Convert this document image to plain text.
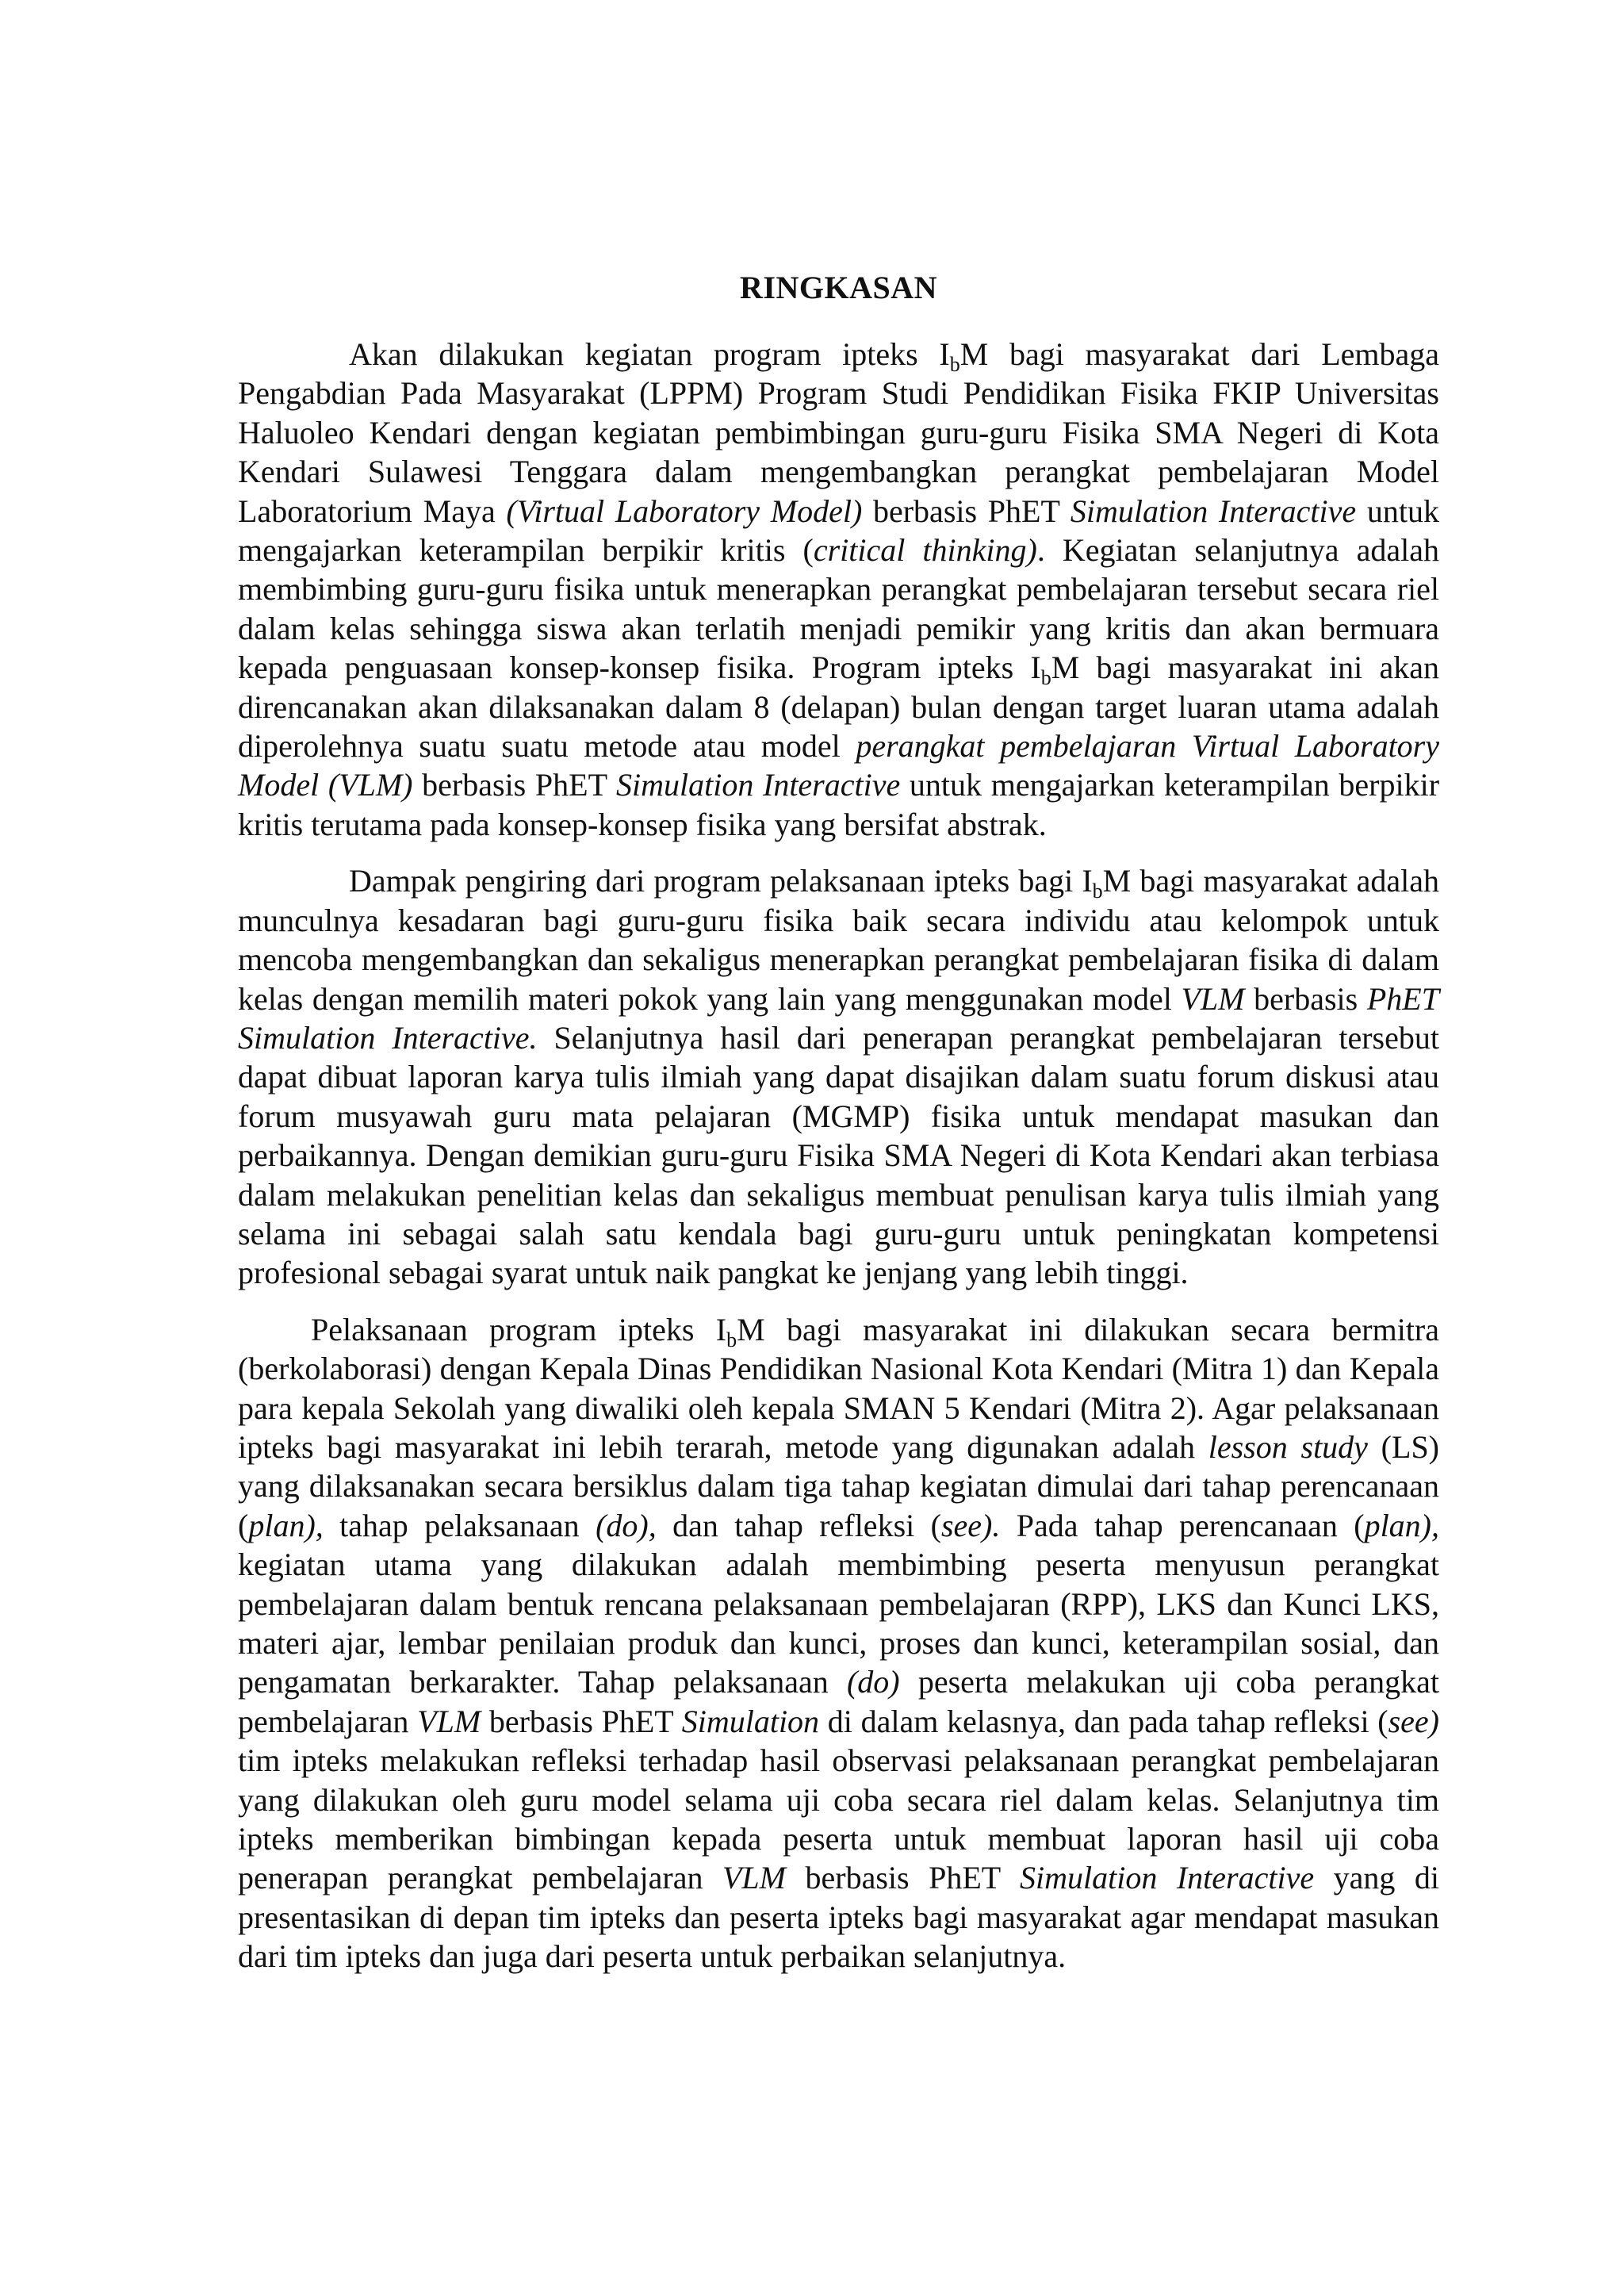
RINGKASAN

Akan dilakukan kegiatan program ipteks $I_bM$ bagi masyarakat dari Lembaga Pengabdian Pada Masyarakat (LPPM) Program Studi Pendidikan Fisika FKIP Universitas Haluoleo Kendari dengan kegiatan pembimbingan guru-guru Fisika SMA Negeri di Kota Kendari Sulawesi Tenggara dalam mengembangkan perangkat pembelajaran Model Laboratorium Maya (Virtual Laboratory Model) berbasis PhET Simulation Interactive untuk mengajarkan keterampilan berpikir kritis (critical thinking). Kegiatan selanjutnya adalah membimbing guru-guru fisika untuk menerapkan perangkat pembelajaran tersebut secara riel dalam kelas sehingga siswa akan terlatih menjadi pemikir yang kritis dan akan bermuara kepada penguasaan konsep-konsep fisika. Program ipteks $I_bM$ bagi masyarakat ini akan direncanakan akan dilaksanakan dalam 8 (delapan) bulan dengan target luaran utama adalah diperolehnya suatu suatu metode atau model perangkat pembelajaran Virtual Laboratory Model (VLM) berbasis PhET Simulation Interactive untuk mengajarkan keterampilan berpikir kritis terutama pada konsep-konsep fisika yang bersifat abstrak.

Dampak pengiring dari program pelaksanaan ipteks bagi $I_bM$ bagi masyarakat adalah munculnya kesadaran bagi guru-guru fisika baik secara individu atau kelompok untuk mencoba mengembangkan dan sekaligus menerapkan perangkat pembelajaran fisika di dalam kelas dengan memilih materi pokok yang lain yang menggunakan model VLM berbasis PhET Simulation Interactive. Selanjutnya hasil dari penerapan perangkat pembelajaran tersebut dapat dibuat laporan karya tulis ilmiah yang dapat disajikan dalam suatu forum diskusi atau forum musyawah guru mata pelajaran (MGMP) fisika untuk mendapat masukan dan perbaikannya. Dengan demikian guru-guru Fisika SMA Negeri di Kota Kendari akan terbiasa dalam melakukan penelitian kelas dan sekaligus membuat penulisan karya tulis ilmiah yang selama ini sebagai salah satu kendala bagi guru-guru untuk peningkatan kompetensi profesional sebagai syarat untuk naik pangkat ke jenjang yang lebih tinggi.

Pelaksanaan program ipteks $I_bM$ bagi masyarakat ini dilakukan secara bermitra (berkolaborasi) dengan Kepala Dinas Pendidikan Nasional Kota Kendari (Mitra 1) dan Kepala para kepala Sekolah yang diwaliki oleh kepala SMAN 5 Kendari (Mitra 2). Agar pelaksanaan ipteks bagi masyarakat ini lebih terarah, metode yang digunakan adalah lesson study (LS) yang dilaksanakan secara bersiklus dalam tiga tahap kegiatan dimulai dari tahap perencanaan (plan), tahap pelaksanaan (do), dan tahap refleksi (see). Pada tahap perencanaan (plan), kegiatan utama yang dilakukan adalah membimbing peserta menyusun perangkat pembelajaran dalam bentuk rencana pelaksanaan pembelajaran (RPP), LKS dan Kunci LKS, materi ajar, lembar penilaian produk dan kunci, proses dan kunci, keterampilan sosial, dan pengamatan berkarakter. Tahap pelaksanaan (do) peserta melakukan uji coba perangkat pembelajaran VLM berbasis PhET Simulation di dalam kelasnya, dan pada tahap refleksi (see) tim ipteks melakukan refleksi terhadap hasil observasi pelaksanaan perangkat pembelajaran yang dilakukan oleh guru model selama uji coba secara riel dalam kelas. Selanjutnya tim ipteks memberikan bimbingan kepada peserta untuk membuat laporan hasil uji coba penerapan perangkat pembelajaran VLM berbasis PhET Simulation Interactive yang di presentasikan di depan tim ipteks dan peserta ipteks bagi masyarakat agar mendapat masukan dari tim ipteks dan juga dari peserta untuk perbaikan selanjutnya.
